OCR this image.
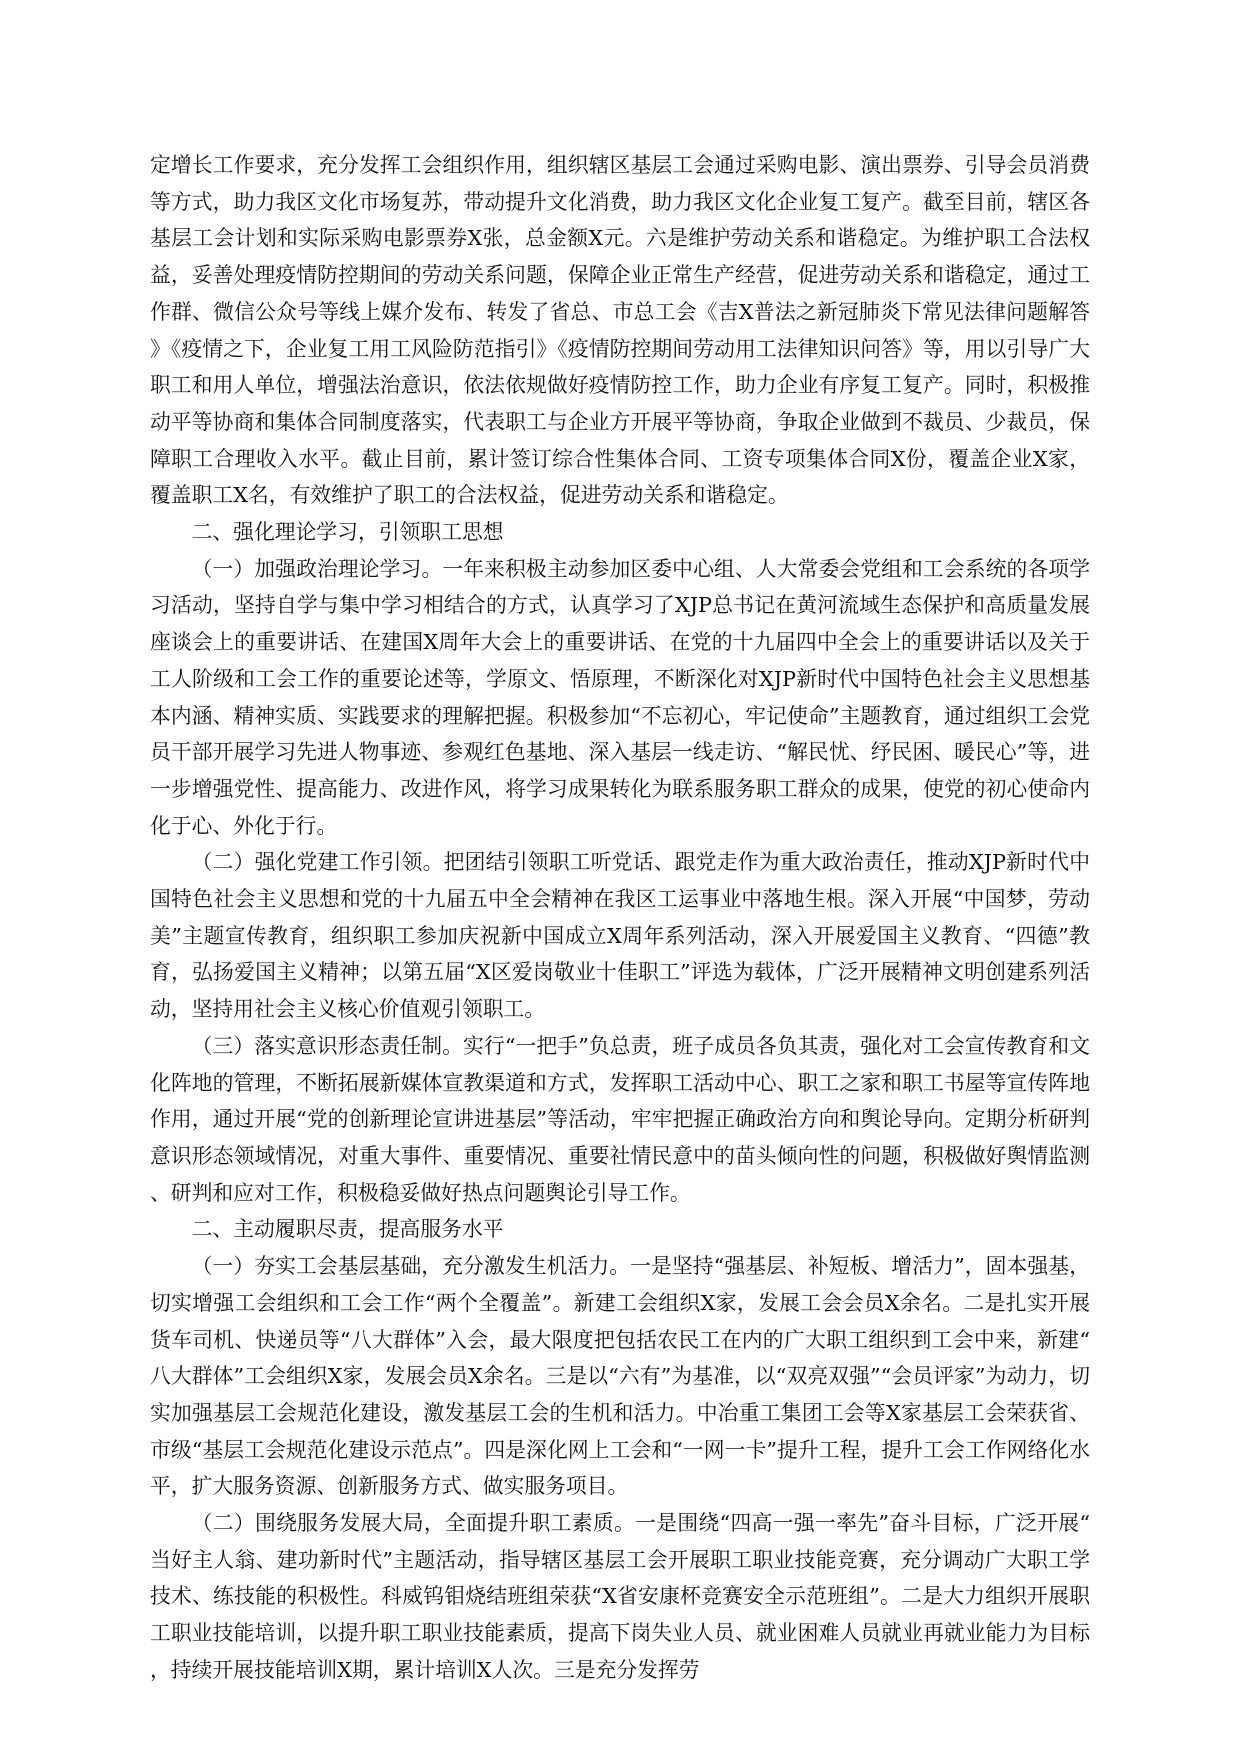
定增长工作要求，充分发挥工会组织作用，组织辖区基层工会通过采购电影、演出票券、引导会员消费等方式，助力我区文化市场复苏，带动提升文化消费，助力我区文化企业复工复产。截至目前，辖区各基层工会计划和实际采购电影票券X张，总金额X元。六是维护劳动关系和谐稳定。为维护职工合法权益，妥善处理疫情防控期间的劳动关系问题，保障企业正常生产经营，促进劳动关系和谐稳定，通过工作群、微信公众号等线上媒介发布、转发了省总、市总工会《吉X普法之新冠肺炎下常见法律问题解答》《疫情之下，企业复工用工风险防范指引》《疫情防控期间劳动用工法律知识问答》等，用以引导广大职工和用人单位，增强法治意识，依法依规做好疫情防控工作，助力企业有序复工复产。同时，积极推动平等协商和集体合同制度落实，代表职工与企业方开展平等协商，争取企业做到不裁员、少裁员，保障职工合理收入水平。截止目前，累计签订综合性集体合同、工资专项集体合同X份，覆盖企业X家，覆盖职工X名，有效维护了职工的合法权益，促进劳动关系和谐稳定。

二、强化理论学习，引领职工思想

（一）加强政治理论学习。一年来积极主动参加区委中心组、人大常委会党组和工会系统的各项学习活动，坚持自学与集中学习相结合的方式，认真学习了XJP总书记在黄河流域生态保护和高质量发展座谈会上的重要讲话、在建国X周年大会上的重要讲话、在党的十九届四中全会上的重要讲话以及关于工人阶级和工会工作的重要论述等，学原文、悟原理，不断深化对XJP新时代中国特色社会主义思想基本内涵、精神实质、实践要求的理解把握。积极参加“不忘初心，牢记使命”主题教育，通过组织工会党员干部开展学习先进人物事迹、参观红色基地、深入基层一线走访、“解民忧、纾民困、暖民心”等，进一步增强党性、提高能力、改进作风，将学习成果转化为联系服务职工群众的成果，使党的初心使命内化于心、外化于行。

（二）强化党建工作引领。把团结引领职工听党话、跟党走作为重大政治责任，推动XJP新时代中国特色社会主义思想和党的十九届五中全会精神在我区工运事业中落地生根。深入开展“中国梦，劳动美”主题宣传教育，组织职工参加庆祝新中国成立X周年系列活动，深入开展爱国主义教育、“四德”教育，弘扬爱国主义精神；以第五届“X区爱岗敬业十佳职工”评选为载体，广泛开展精神文明创建系列活动，坚持用社会主义核心价值观引领职工。

（三）落实意识形态责任制。实行“一把手”负总责，班子成员各负其责，强化对工会宣传教育和文化阵地的管理，不断拓展新媒体宣教渠道和方式，发挥职工活动中心、职工之家和职工书屋等宣传阵地作用，通过开展“党的创新理论宣讲进基层”等活动，牢牢把握正确政治方向和舆论导向。定期分析研判意识形态领域情况，对重大事件、重要情况、重要社情民意中的苗头倾向性的问题，积极做好舆情监测、研判和应对工作，积极稳妥做好热点问题舆论引导工作。

二、主动履职尽责，提高服务水平

（一）夯实工会基层基础，充分激发生机活力。一是坚持“强基层、补短板、增活力”，固本强基，切实增强工会组织和工会工作“两个全覆盖”。新建工会组织X家，发展工会会员X余名。二是扎实开展货车司机、快递员等“八大群体”入会，最大限度把包括农民工在内的广大职工组织到工会中来，新建“八大群体”工会组织X家，发展会员X余名。三是以“六有”为基准，以“双亮双强”“会员评家”为动力，切实加强基层工会规范化建设，激发基层工会的生机和活力。中冶重工集团工会等X家基层工会荣获省、市级“基层工会规范化建设示范点”。四是深化网上工会和“一网一卡”提升工程，提升工会工作网络化水平，扩大服务资源、创新服务方式、做实服务项目。

（二）围绕服务发展大局，全面提升职工素质。一是围绕“四高一强一率先”奋斗目标，广泛开展“当好主人翁、建功新时代”主题活动，指导辖区基层工会开展职工职业技能竞赛，充分调动广大职工学技术、练技能的积极性。科威钨钼烧结班组荣获“X省安康杯竞赛安全示范班组”。二是大力组织开展职工职业技能培训，以提升职工职业技能素质，提高下岗失业人员、就业困难人员就业再就业能力为目标，持续开展技能培训X期，累计培训X人次。三是充分发挥劳
